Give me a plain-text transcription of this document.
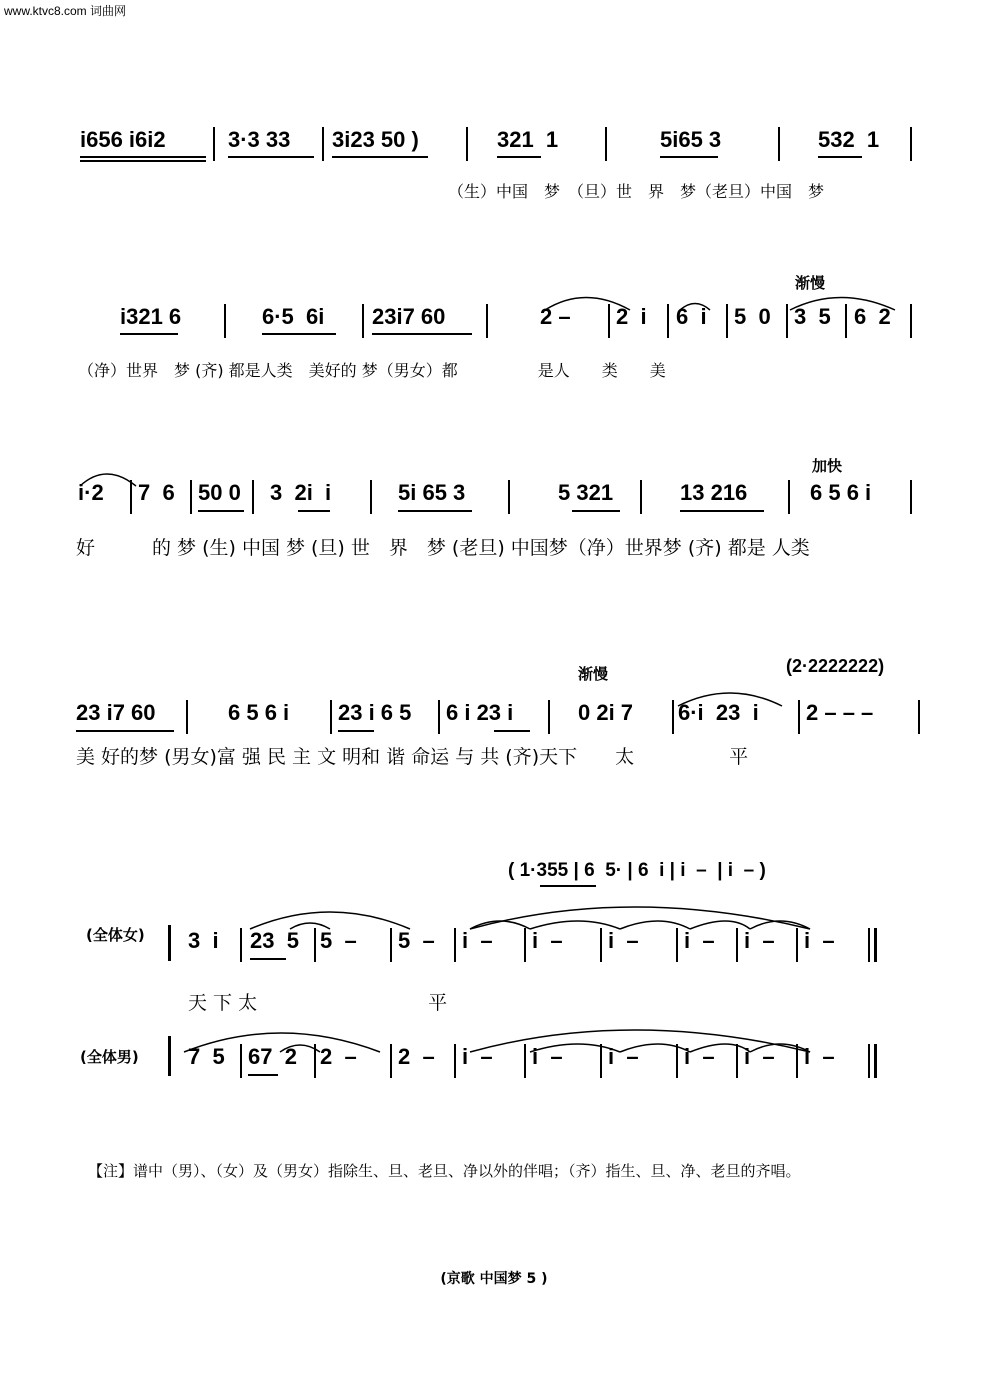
www.ktvc8.com 词曲网
i656 i6i2	3·3 33 3i23 50 )	321  1	5i65 3	532  1
（生）中国　梦　（旦）世　界　梦（老旦）中国　梦
渐慢
i321 6	6·5  6i 23i7 60	2 – 2  i 6  i 5  0 3  5 6  2
（净）世界　梦 (齐) 都是人类　美好的 梦（男女）都　　　　　是人　　类　　美
加快
i·2 7  6 50 0 3  2i  i	5i 65 3	5 321	13 216	6 5 6 i
好　　　的 梦 (生) 中国 梦 (旦) 世　界　梦 (老旦) 中国梦（净）世界梦 (齐) 都是 人类
渐慢	(2·2222222)
23 i7 60	6 5 6 i 23 i 6 5 6 i 23 i	0 2i 7 6·i  23  i 2 – – –
美 好的梦 (男女)富 强 民 主 文 明和 谐 命运 与 共 (齐)天下　　太　　　　　平
( 1·355 | 6  5· | 6  i | i  –  | i  – )
(全体女) 3  i 23  5 5  – 5  – i  – i  – i  – i  – i  – i  –
天 下 太　　　　　　　　　平
(全体男) 7  5 67  2 2  – 2  – i  – i  – i  – i  – i  – i  –
【注】谱中（男）、（女）及（男女）指除生、旦、老旦、净以外的伴唱；（齐）指生、旦、净、老旦的齐唱。
(京歌 中国梦 5 )
